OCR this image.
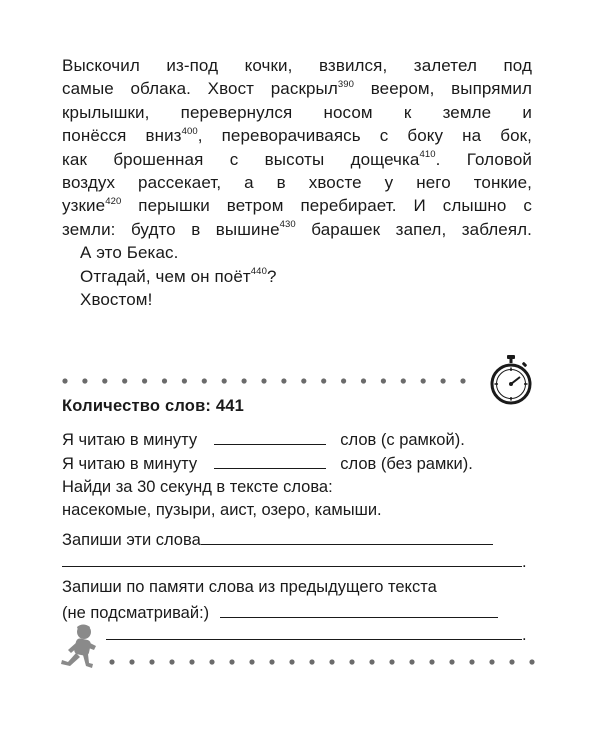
Выскочил из-под кочки, взвился, залетел под

самые облака. Хвост раскрыл$^{390}$ веером, выпрямил

крылышки, перевернулся носом к земле и

понёсся вниз$^{400}$, переворачиваясь с боку на бок,

как брошенная с высоты дощечка$^{410}$. Головой

воздух рассекает, а в хвосте у него тонкие,

узкие$^{420}$ перышки ветром перебирает. И слышно с

земли: будто в вышине$^{430}$ барашек запел, заблеял.

А это Бекас.

Отгадай, чем он поёт$^{440}$?

Хвостом!

Количество слов: 441
Я читаю в минуту	слов (с рамкой).
Я читаю в минуту	слов (без рамки).
Найди за 30 секунд в тексте слова:
насекомые, пузыри, аист, озеро, камыши.
Запиши эти слова
.
Запиши по памяти слова из предыдущего текста
(не подсматривай:)
.
